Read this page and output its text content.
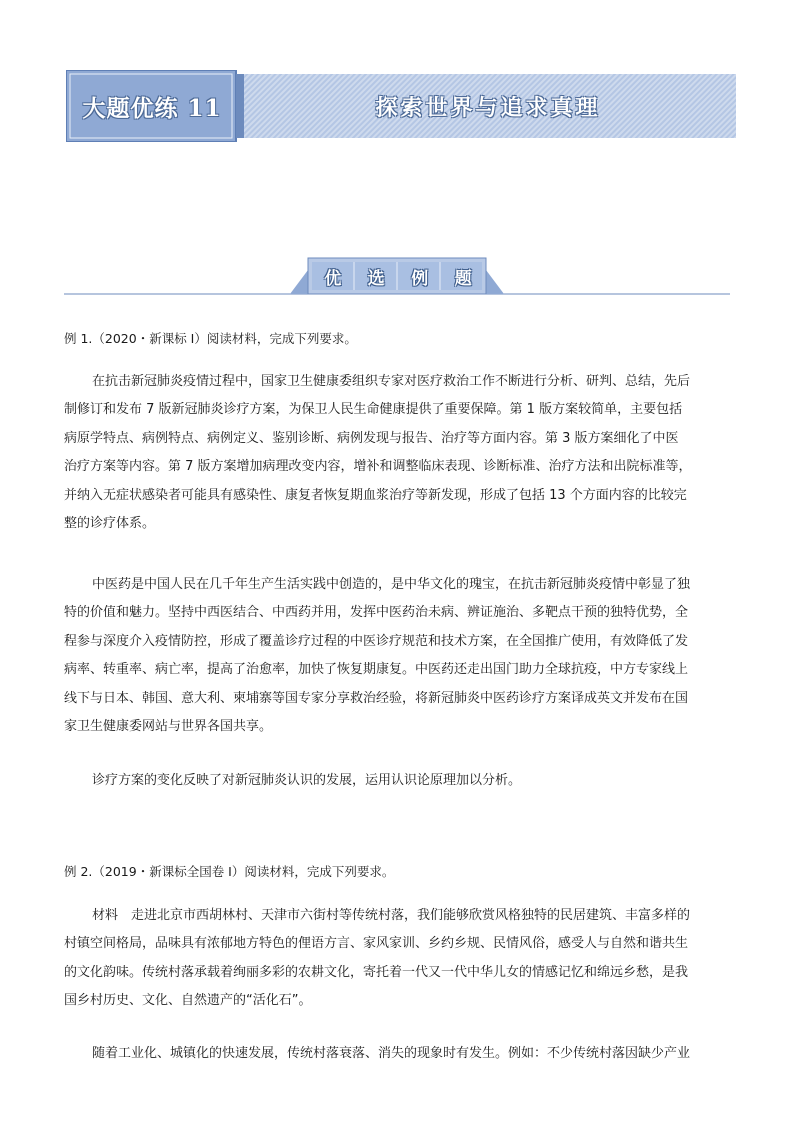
大题优练 11	探索世界与追求真理
优 选 例 题
例 1.（2020・新课标 I）阅读材料，完成下列要求。
在抗击新冠肺炎疫情过程中，国家卫生健康委组织专家对医疗救治工作不断进行分析、研判、总结，先后
制修订和发布 7 版新冠肺炎诊疗方案，为保卫人民生命健康提供了重要保障。第 1 版方案较简单，主要包括
病原学特点、病例特点、病例定义、鉴别诊断、病例发现与报告、治疗等方面内容。第 3 版方案细化了中医
治疗方案等内容。第 7 版方案增加病理改变内容，增补和调整临床表现、诊断标准、治疗方法和出院标准等，
并纳入无症状感染者可能具有感染性、康复者恢复期血浆治疗等新发现，形成了包括 13 个方面内容的比较完
整的诊疗体系。
中医药是中国人民在几千年生产生活实践中创造的，是中华文化的瑰宝，在抗击新冠肺炎疫情中彰显了独
特的价值和魅力。坚持中西医结合、中西药并用，发挥中医药治未病、辨证施治、多靶点干预的独特优势，全
程参与深度介入疫情防控，形成了覆盖诊疗过程的中医诊疗规范和技术方案，在全国推广使用，有效降低了发
病率、转重率、病亡率，提高了治愈率，加快了恢复期康复。中医药还走出国门助力全球抗疫，中方专家线上
线下与日本、韩国、意大利、柬埔寨等国专家分享救治经验，将新冠肺炎中医药诊疗方案译成英文并发布在国
家卫生健康委网站与世界各国共享。
诊疗方案的变化反映了对新冠肺炎认识的发展，运用认识论原理加以分析。
例 2.（2019・新课标全国卷 I）阅读材料，完成下列要求。
材料　走进北京市西胡林村、天津市六街村等传统村落，我们能够欣赏风格独特的民居建筑、丰富多样的
村镇空间格局，品味具有浓郁地方特色的俚语方言、家风家训、乡约乡规、民情风俗，感受人与自然和谐共生
的文化韵味。传统村落承载着绚丽多彩的农耕文化，寄托着一代又一代中华儿女的情感记忆和绵远乡愁，是我
国乡村历史、文化、自然遗产的“活化石”。
随着工业化、城镇化的快速发展，传统村落衰落、消失的现象时有发生。例如：不少传统村落因缺少产业
